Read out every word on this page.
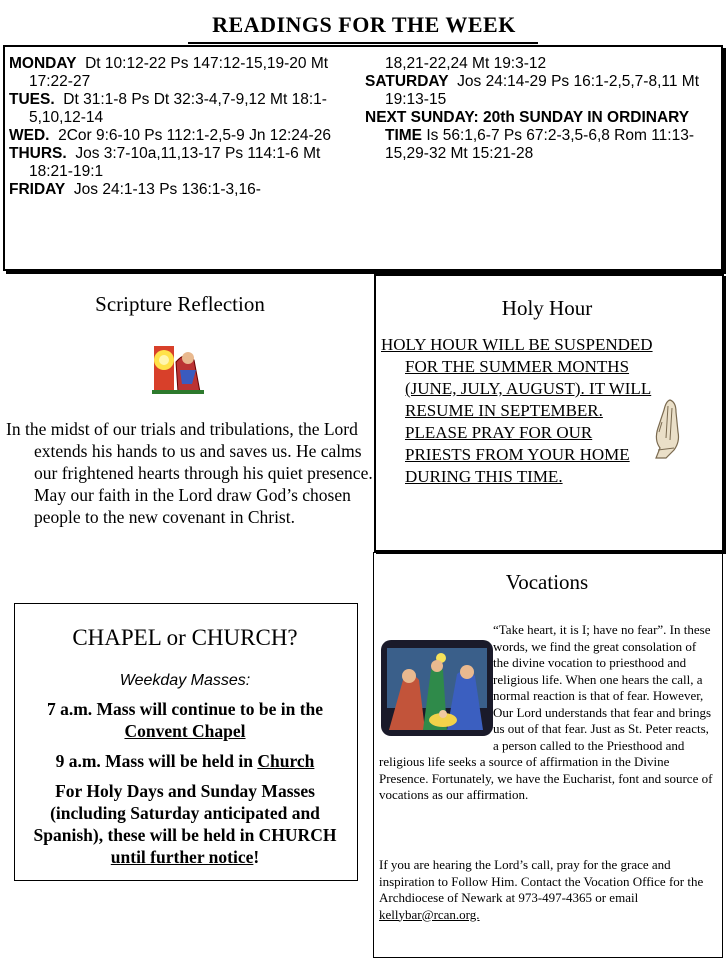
READINGS FOR THE WEEK
MONDAY Dt 10:12-22 Ps 147:12-15,19-20 Mt 17:22-27
TUES. Dt 31:1-8 Ps Dt 32:3-4,7-9,12 Mt 18:1-5,10,12-14
WED. 2Cor 9:6-10 Ps 112:1-2,5-9 Jn 12:24-26
THURS. Jos 3:7-10a,11,13-17 Ps 114:1-6 Mt 18:21-19:1
FRIDAY Jos 24:1-13 Ps 136:1-3,16-
18,21-22,24 Mt 19:3-12
SATURDAY Jos 24:14-29 Ps 16:1-2,5,7-8,11 Mt 19:13-15
NEXT SUNDAY: 20th SUNDAY IN ORDINARY TIME Is 56:1,6-7 Ps 67:2-3,5-6,8 Rom 11:13-15,29-32 Mt 15:21-28
Scripture Reflection
In the midst of our trials and tribulations, the Lord extends his hands to us and saves us. He calms our frightened hearts through his quiet presence. May our faith in the Lord draw God’s chosen people to the new covenant in Christ.
Holy Hour
HOLY HOUR WILL BE SUSPENDED FOR THE SUMMER MONTHS (JUNE, JULY, AUGUST). IT WILL RESUME IN SEPTEMBER. PLEASE PRAY FOR OUR PRIESTS FROM YOUR HOME DURING THIS TIME.
Vocations
“Take heart, it is I; have no fear”. In these words, we find the great consolation of the divine vocation to priesthood and religious life. When one hears the call, a normal reaction is that of fear. However, Our Lord understands that fear and brings us out of that fear. Just as St. Peter reacts, a person called to the Priesthood and religious life seeks a source of affirmation in the Divine Presence. Fortunately, we have the Eucharist, font and source of vocations as our affirmation.
If you are hearing the Lord’s call, pray for the grace and inspiration to Follow Him. Contact the Vocation Office for the Archdiocese of Newark at 973-497-4365 or email kellybar@rcan.org.
CHAPEL or CHURCH?
Weekday Masses:

7 a.m. Mass will continue to be in the Convent Chapel

9 a.m. Mass will be held in Church

For Holy Days and Sunday Masses (including Saturday anticipated and Spanish), these will be held in CHURCH until further notice!
